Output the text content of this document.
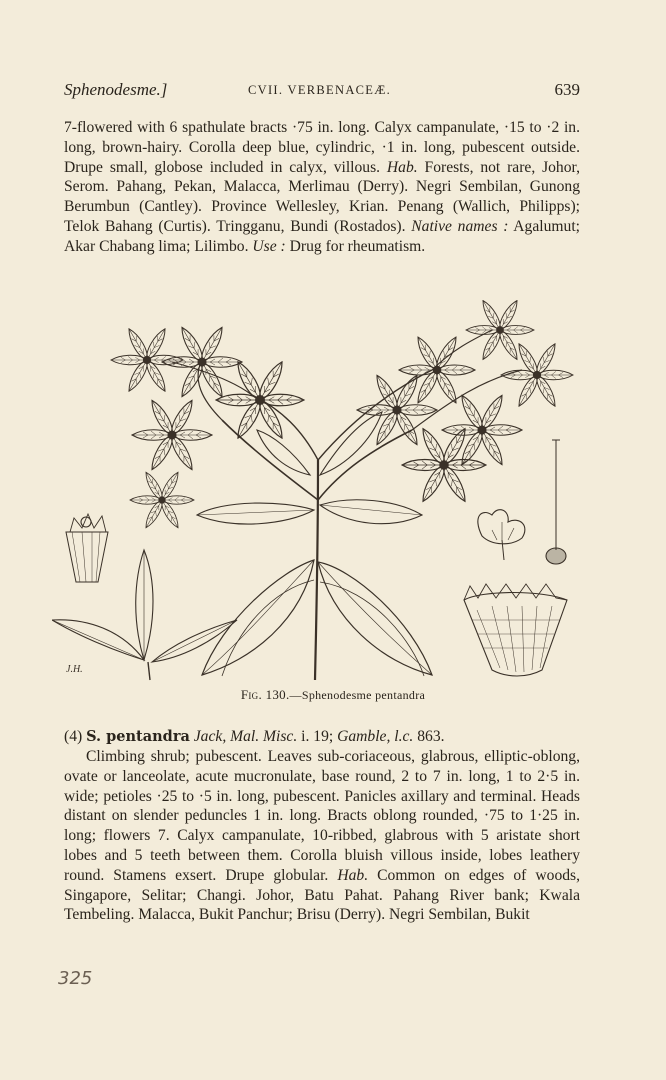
Sphenodesme.]	CVII. VERBENACEÆ.	639

7-flowered with 6 spathulate bracts ·75 in. long. Calyx campanulate, ·15 to ·2 in. long, brown-hairy. Corolla deep blue, cylindric, ·1 in. long, pubescent outside. Drupe small, globose included in calyx, villous. Hab. Forests, not rare, Johor, Serom. Pahang, Pekan, Malacca, Merlimau (Derry). Negri Sembilan, Gunong Berumbun (Cantley). Province Wellesley, Krian. Penang (Wallich, Philipps); Telok Bahang (Curtis). Tringganu, Bundi (Rostados). Native names : Agalumut; Akar Chabang lima; Lilimbo. Use : Drug for rheumatism.

J.H.
Fig. 130.—Sphenodesme pentandra

(4) S. pentandra Jack, Mal. Misc. i. 19; Gamble, l.c. 863.

Climbing shrub; pubescent. Leaves sub-coriaceous, glabrous, elliptic-oblong, ovate or lanceolate, acute mucronulate, base round, 2 to 7 in. long, 1 to 2·5 in. wide; petioles ·25 to ·5 in. long, pubescent. Panicles axillary and terminal. Heads distant on slender peduncles 1 in. long. Bracts oblong rounded, ·75 to 1·25 in. long; flowers 7. Calyx campanulate, 10-ribbed, glabrous with 5 aristate short lobes and 5 teeth between them. Corolla bluish villous inside, lobes leathery round. Stamens exsert. Drupe globular. Hab. Common on edges of woods, Singapore, Selitar; Changi. Johor, Batu Pahat. Pahang River bank; Kwala Tembeling. Malacca, Bukit Panchur; Brisu (Derry). Negri Sembilan, Bukit

325
